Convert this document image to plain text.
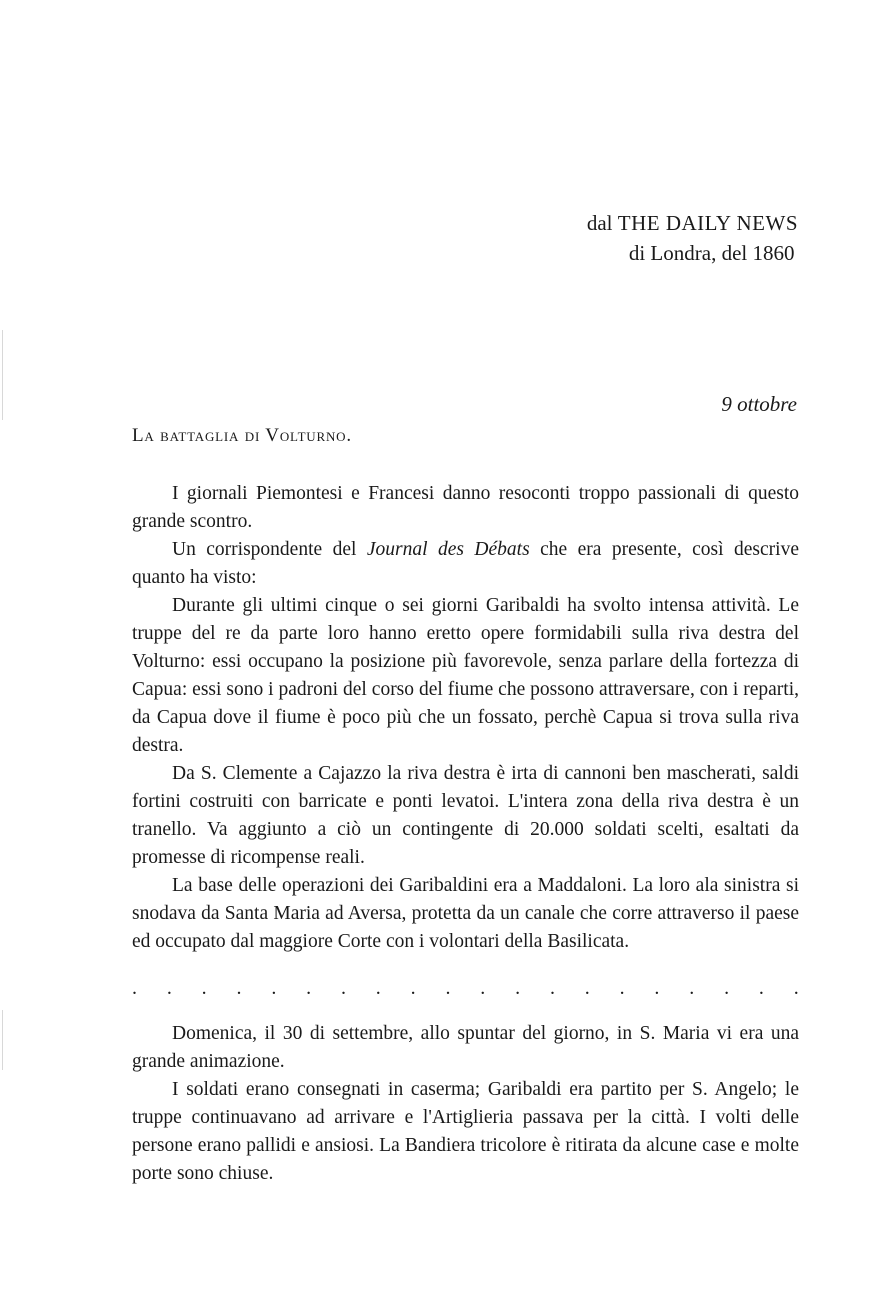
dal THE DAILY NEWS
di Londra, del 1860
9 ottobre
La battaglia di Volturno.

I giornali Piemontesi e Francesi danno resoconti troppo passionali di questo grande scontro.

Un corrispondente del Journal des Débats che era presente, così descrive quanto ha visto:

Durante gli ultimi cinque o sei giorni Garibaldi ha svolto intensa attività. Le truppe del re da parte loro hanno eretto opere formidabili sulla riva destra del Volturno: essi occupano la posizione più favorevole, senza parlare della fortezza di Capua: essi sono i padroni del corso del fiume che possono attraversare, con i reparti, da Capua dove il fiume è poco più che un fossato, perchè Capua si trova sulla riva destra.

Da S. Clemente a Cajazzo la riva destra è irta di cannoni ben mascherati, saldi fortini costruiti con barricate e ponti levatoi. L'intera zona della riva destra è un tranello. Va aggiunto a ciò un contingente di 20.000 soldati scelti, esaltati da promesse di ricompense reali.

La base delle operazioni dei Garibaldini era a Maddaloni. La loro ala sinistra si snodava da Santa Maria ad Aversa, protetta da un canale che corre attraverso il paese ed occupato dal maggiore Corte con i volontari della Basilicata.

. . . . . . . . . . . . . . . . . . . .

Domenica, il 30 di settembre, allo spuntar del giorno, in S. Maria vi era una grande animazione.

I soldati erano consegnati in caserma; Garibaldi era partito per S. Angelo; le truppe continuavano ad arrivare e l'Artiglieria passava per la città. I volti delle persone erano pallidi e ansiosi. La Bandiera tricolore è ritirata da alcune case e molte porte sono chiuse.
